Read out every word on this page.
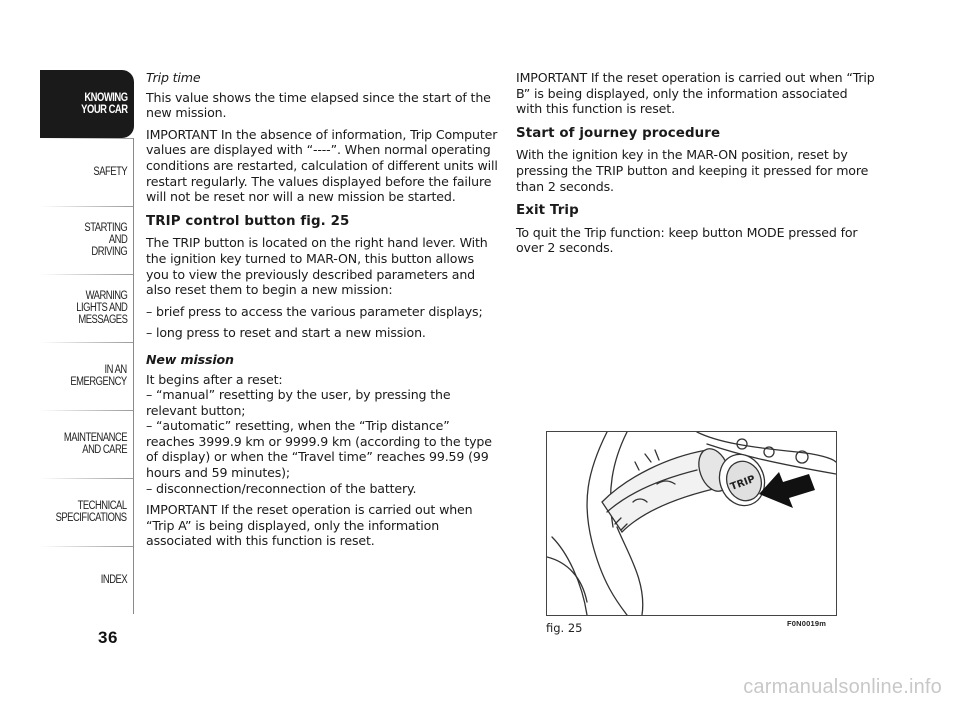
KNOWING
YOUR CAR
SAFETY
STARTING
AND
DRIVING
WARNING
LIGHTS AND
MESSAGES
IN AN
EMERGENCY
MAINTENANCE
AND CARE
TECHNICAL
SPECIFICATIONS
INDEX
36

Trip time

This value shows the time elapsed since the start of the new mission.

IMPORTANT In the absence of information, Trip Computer values are displayed with “----”. When normal operating conditions are restarted, calculation of different units will restart regularly. The values displayed before the failure will not be reset nor will a new mission be started.

TRIP control button fig. 25

The TRIP button is located on the right hand lever. With the ignition key turned to MAR-ON, this button allows you to view the previously described parameters and also reset them to begin a new mission:

– brief press to access the various parameter displays;

– long press to reset and start a new mission.

New mission

It begins after a reset:

– “manual” resetting by the user, by pressing the relevant button;

– “automatic” resetting, when the “Trip distance” reaches 3999.9 km or 9999.9 km (according to the type of display) or when the “Travel time” reaches 99.59 (99 hours and 59 minutes);

– disconnection/reconnection of the battery.

IMPORTANT If the reset operation is carried out when “Trip A” is being displayed, only the information associated with this function is reset.

IMPORTANT If the reset operation is carried out when “Trip B” is being displayed, only the information associated with this function is reset.

Start of journey procedure

With the ignition key in the MAR-ON position, reset by pressing the TRIP button and keeping it pressed for more than 2 seconds.

Exit Trip

To quit the Trip function: keep button MODE pressed for over 2 seconds.

TRIP
fig. 25	F0N0019m
carmanualsonline.info
